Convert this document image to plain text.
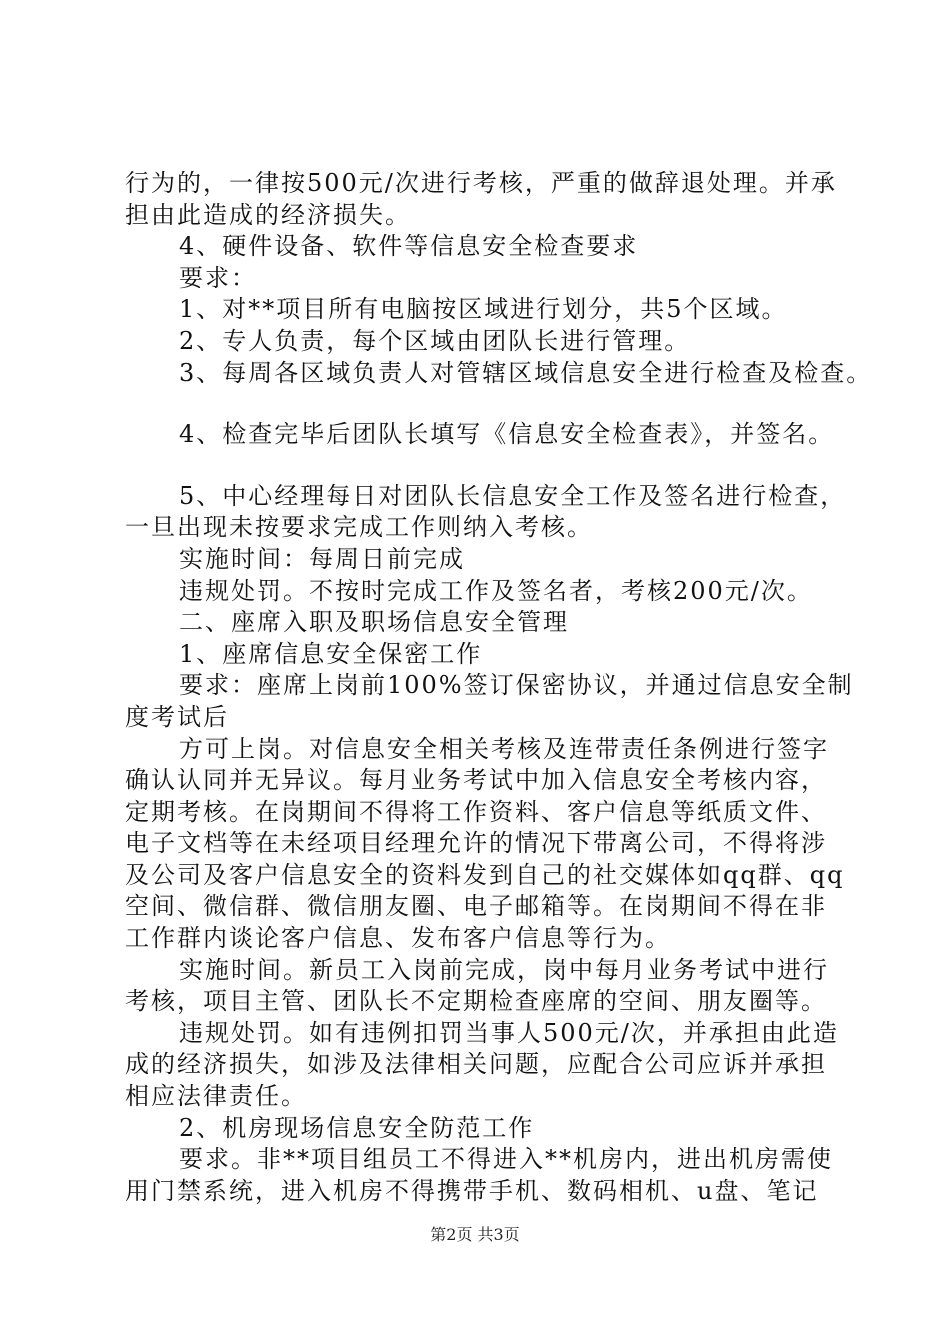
行为的，一律按500元/次进行考核，严重的做辞退处理。并承

担由此造成的经济损失。

4、硬件设备、软件等信息安全检查要求

要求：

1、对**项目所有电脑按区域进行划分，共5个区域。

2、专人负责，每个区域由团队长进行管理。

3、每周各区域负责人对管辖区域信息安全进行检查及检查。

4、检查完毕后团队长填写《信息安全检查表》，并签名。

5、中心经理每日对团队长信息安全工作及签名进行检查，

一旦出现未按要求完成工作则纳入考核。

实施时间：每周日前完成

违规处罚。不按时完成工作及签名者，考核200元/次。

二、座席入职及职场信息安全管理

1、座席信息安全保密工作

要求：座席上岗前100%签订保密协议，并通过信息安全制

度考试后

方可上岗。对信息安全相关考核及连带责任条例进行签字

确认认同并无异议。每月业务考试中加入信息安全考核内容，

定期考核。在岗期间不得将工作资料、客户信息等纸质文件、

电子文档等在未经项目经理允许的情况下带离公司，不得将涉

及公司及客户信息安全的资料发到自己的社交媒体如qq群、qq

空间、微信群、微信朋友圈、电子邮箱等。在岗期间不得在非

工作群内谈论客户信息、发布客户信息等行为。

实施时间。新员工入岗前完成，岗中每月业务考试中进行

考核，项目主管、团队长不定期检查座席的空间、朋友圈等。

违规处罚。如有违例扣罚当事人500元/次，并承担由此造

成的经济损失，如涉及法律相关问题，应配合公司应诉并承担

相应法律责任。

2、机房现场信息安全防范工作

要求。非**项目组员工不得进入**机房内，进出机房需使

用门禁系统，进入机房不得携带手机、数码相机、u盘、笔记

第2页 共3页
